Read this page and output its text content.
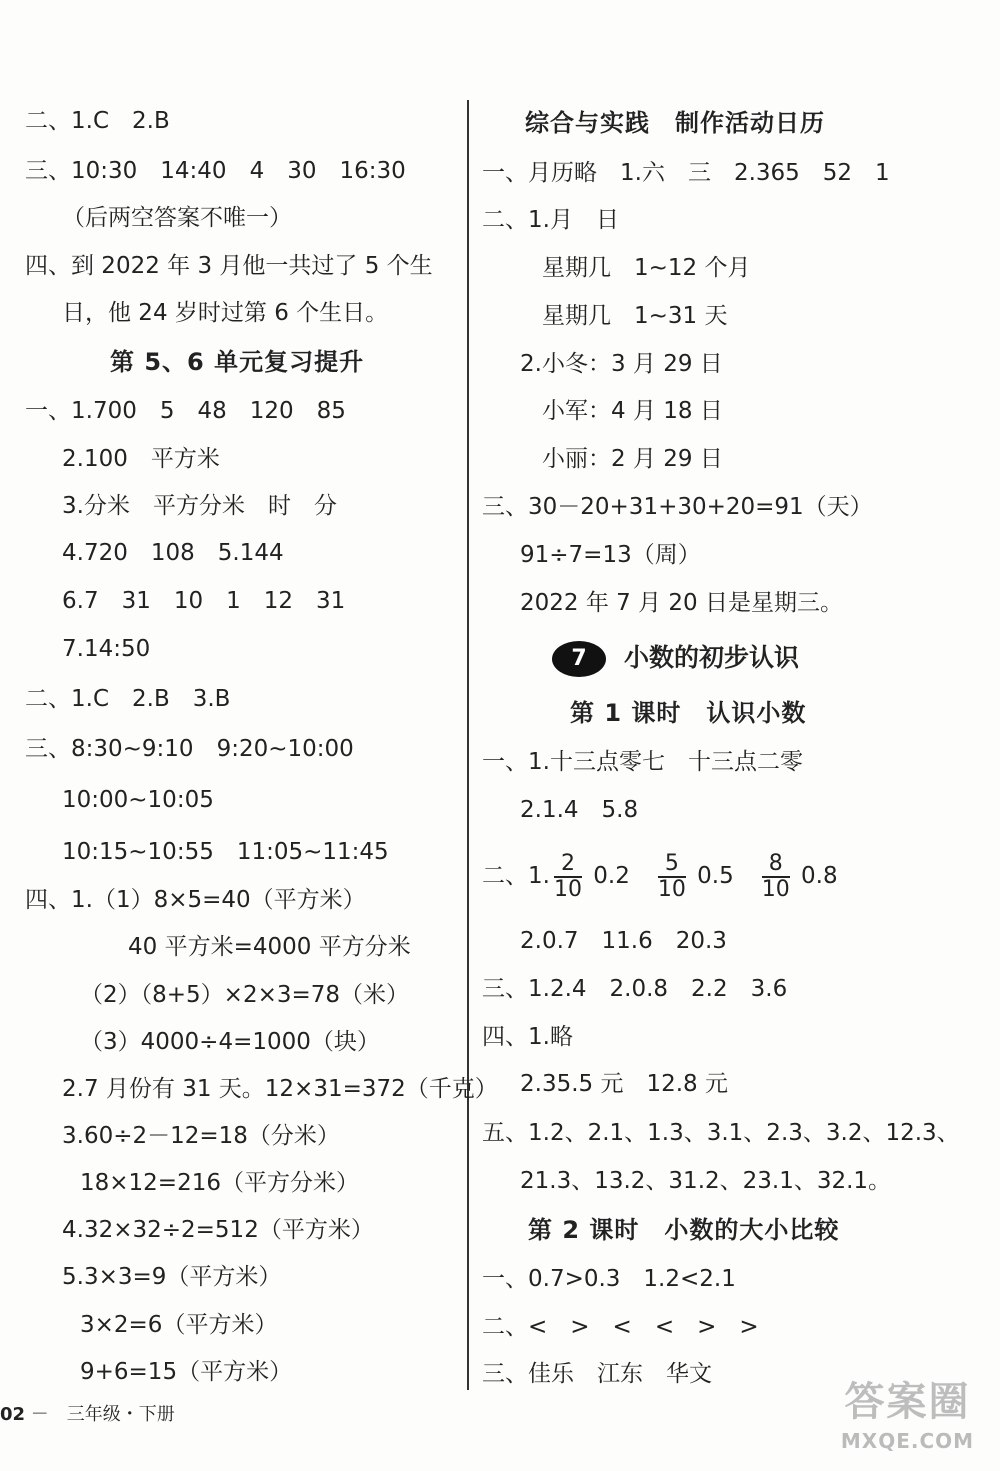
二、1.C　2.B
三、10:30　14:40　4　30　16:30
（后两空答案不唯一）
四、到 2022 年 3 月他一共过了 5 个生
日，他 24 岁时过第 6 个生日。
第 5、6 单元复习提升
一、1.700　5　48　120　85
2.100　平方米
3.分米　平方分米　时　分
4.720　108　5.144
6.7　31　10　1　12　31
7.14:50
二、1.C　2.B　3.B
三、8:30~9:10　9:20~10:00
10:00~10:05
10:15~10:55　11:05~11:45
四、1.（1）8×5=40（平方米）
40 平方米=4000 平方分米
（2）（8+5）×2×3=78（米）
（3）4000÷4=1000（块）
2.7 月份有 31 天。12×31=372（千克）
3.60÷2－12=18（分米）
18×12=216（平方分米）
4.32×32÷2=512（平方米）
5.3×3=9（平方米）
3×2=6（平方米）
9+6=15（平方米）
综合与实践　制作活动日历
一、月历略　1.六　三　2.365　52　1
二、1.月　日
星期几　1~12 个月
星期几　1~31 天
2.小冬：3 月 29 日
小军：4 月 18 日
小丽：2 月 29 日
三、30－20+31+30+20=91（天）
91÷7=13（周）
2022 年 7 月 20 日是星期三。
7 小数的初步认识
第 1 课时　认识小数
一、1.十三点零七　十三点二零
2.1.4　5.8
二、1. $\frac{2}{10} 0.2 \frac{5}{10} 0.5 \frac{8}{10} 0.8$
2.0.7　11.6　20.3
三、1.2.4　2.0.8　2.2　3.6
四、1.略
2.35.5 元　12.8 元
五、1.2、2.1、1.3、3.1、2.3、3.2、12.3、
21.3、13.2、31.2、23.1、32.1。
第 2 课时　小数的大小比较
一、0.7>0.3　1.2<2.1
二、<　>　<　<　>　>
三、佳乐　江东　华文
02 －　三年级・下册	答案圈
MXQE.COM
